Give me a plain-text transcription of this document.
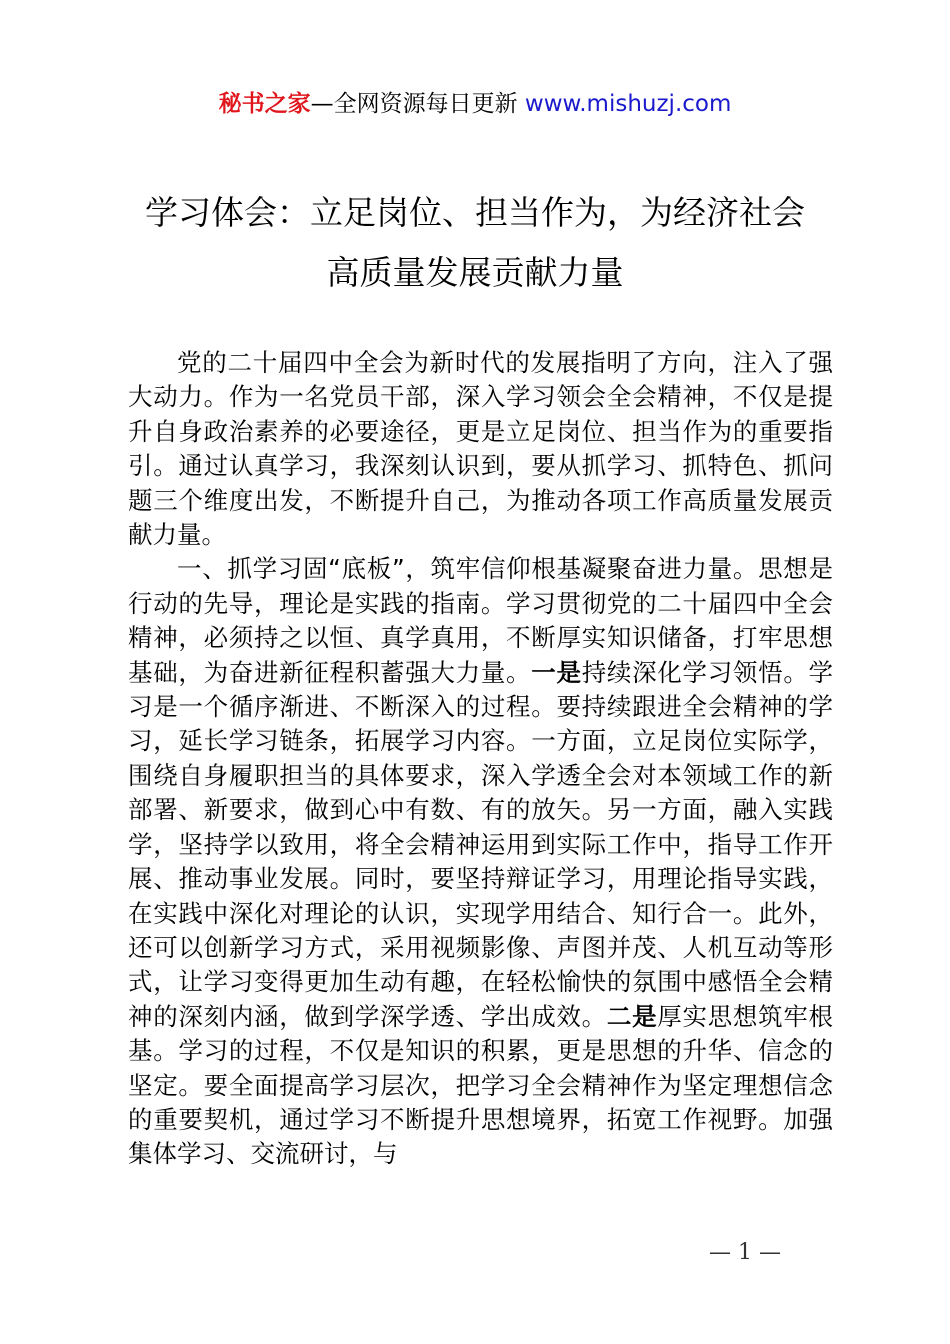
秘书之家—全网资源每日更新 www.mishuzj.com
学习体会：立足岗位、担当作为，为经济社会
高质量发展贡献力量

党的二十届四中全会为新时代的发展指明了方向，注入了强大动力。作为一名党员干部，深入学习领会全会精神，不仅是提升自身政治素养的必要途径，更是立足岗位、担当作为的重要指引。通过认真学习，我深刻认识到，要从抓学习、抓特色、抓问题三个维度出发，不断提升自己，为推动各项工作高质量发展贡献力量。

一、抓学习固“底板”，筑牢信仰根基凝聚奋进力量。思想是行动的先导，理论是实践的指南。学习贯彻党的二十届四中全会精神，必须持之以恒、真学真用，不断厚实知识储备，打牢思想基础，为奋进新征程积蓄强大力量。一是持续深化学习领悟。学习是一个循序渐进、不断深入的过程。要持续跟进全会精神的学习，延长学习链条，拓展学习内容。一方面，立足岗位实际学，围绕自身履职担当的具体要求，深入学透全会对本领域工作的新部署、新要求，做到心中有数、有的放矢。另一方面，融入实践学，坚持学以致用，将全会精神运用到实际工作中，指导工作开展、推动事业发展。同时，要坚持辩证学习，用理论指导实践，在实践中深化对理论的认识，实现学用结合、知行合一。此外，还可以创新学习方式，采用视频影像、声图并茂、人机互动等形式，让学习变得更加生动有趣，在轻松愉快的氛围中感悟全会精神的深刻内涵，做到学深学透、学出成效。二是厚实思想筑牢根基。学习的过程，不仅是知识的积累，更是思想的升华、信念的坚定。要全面提高学习层次，把学习全会精神作为坚定理想信念的重要契机，通过学习不断提升思想境界，拓宽工作视野。加强集体学习、交流研讨，与

— 1 —
